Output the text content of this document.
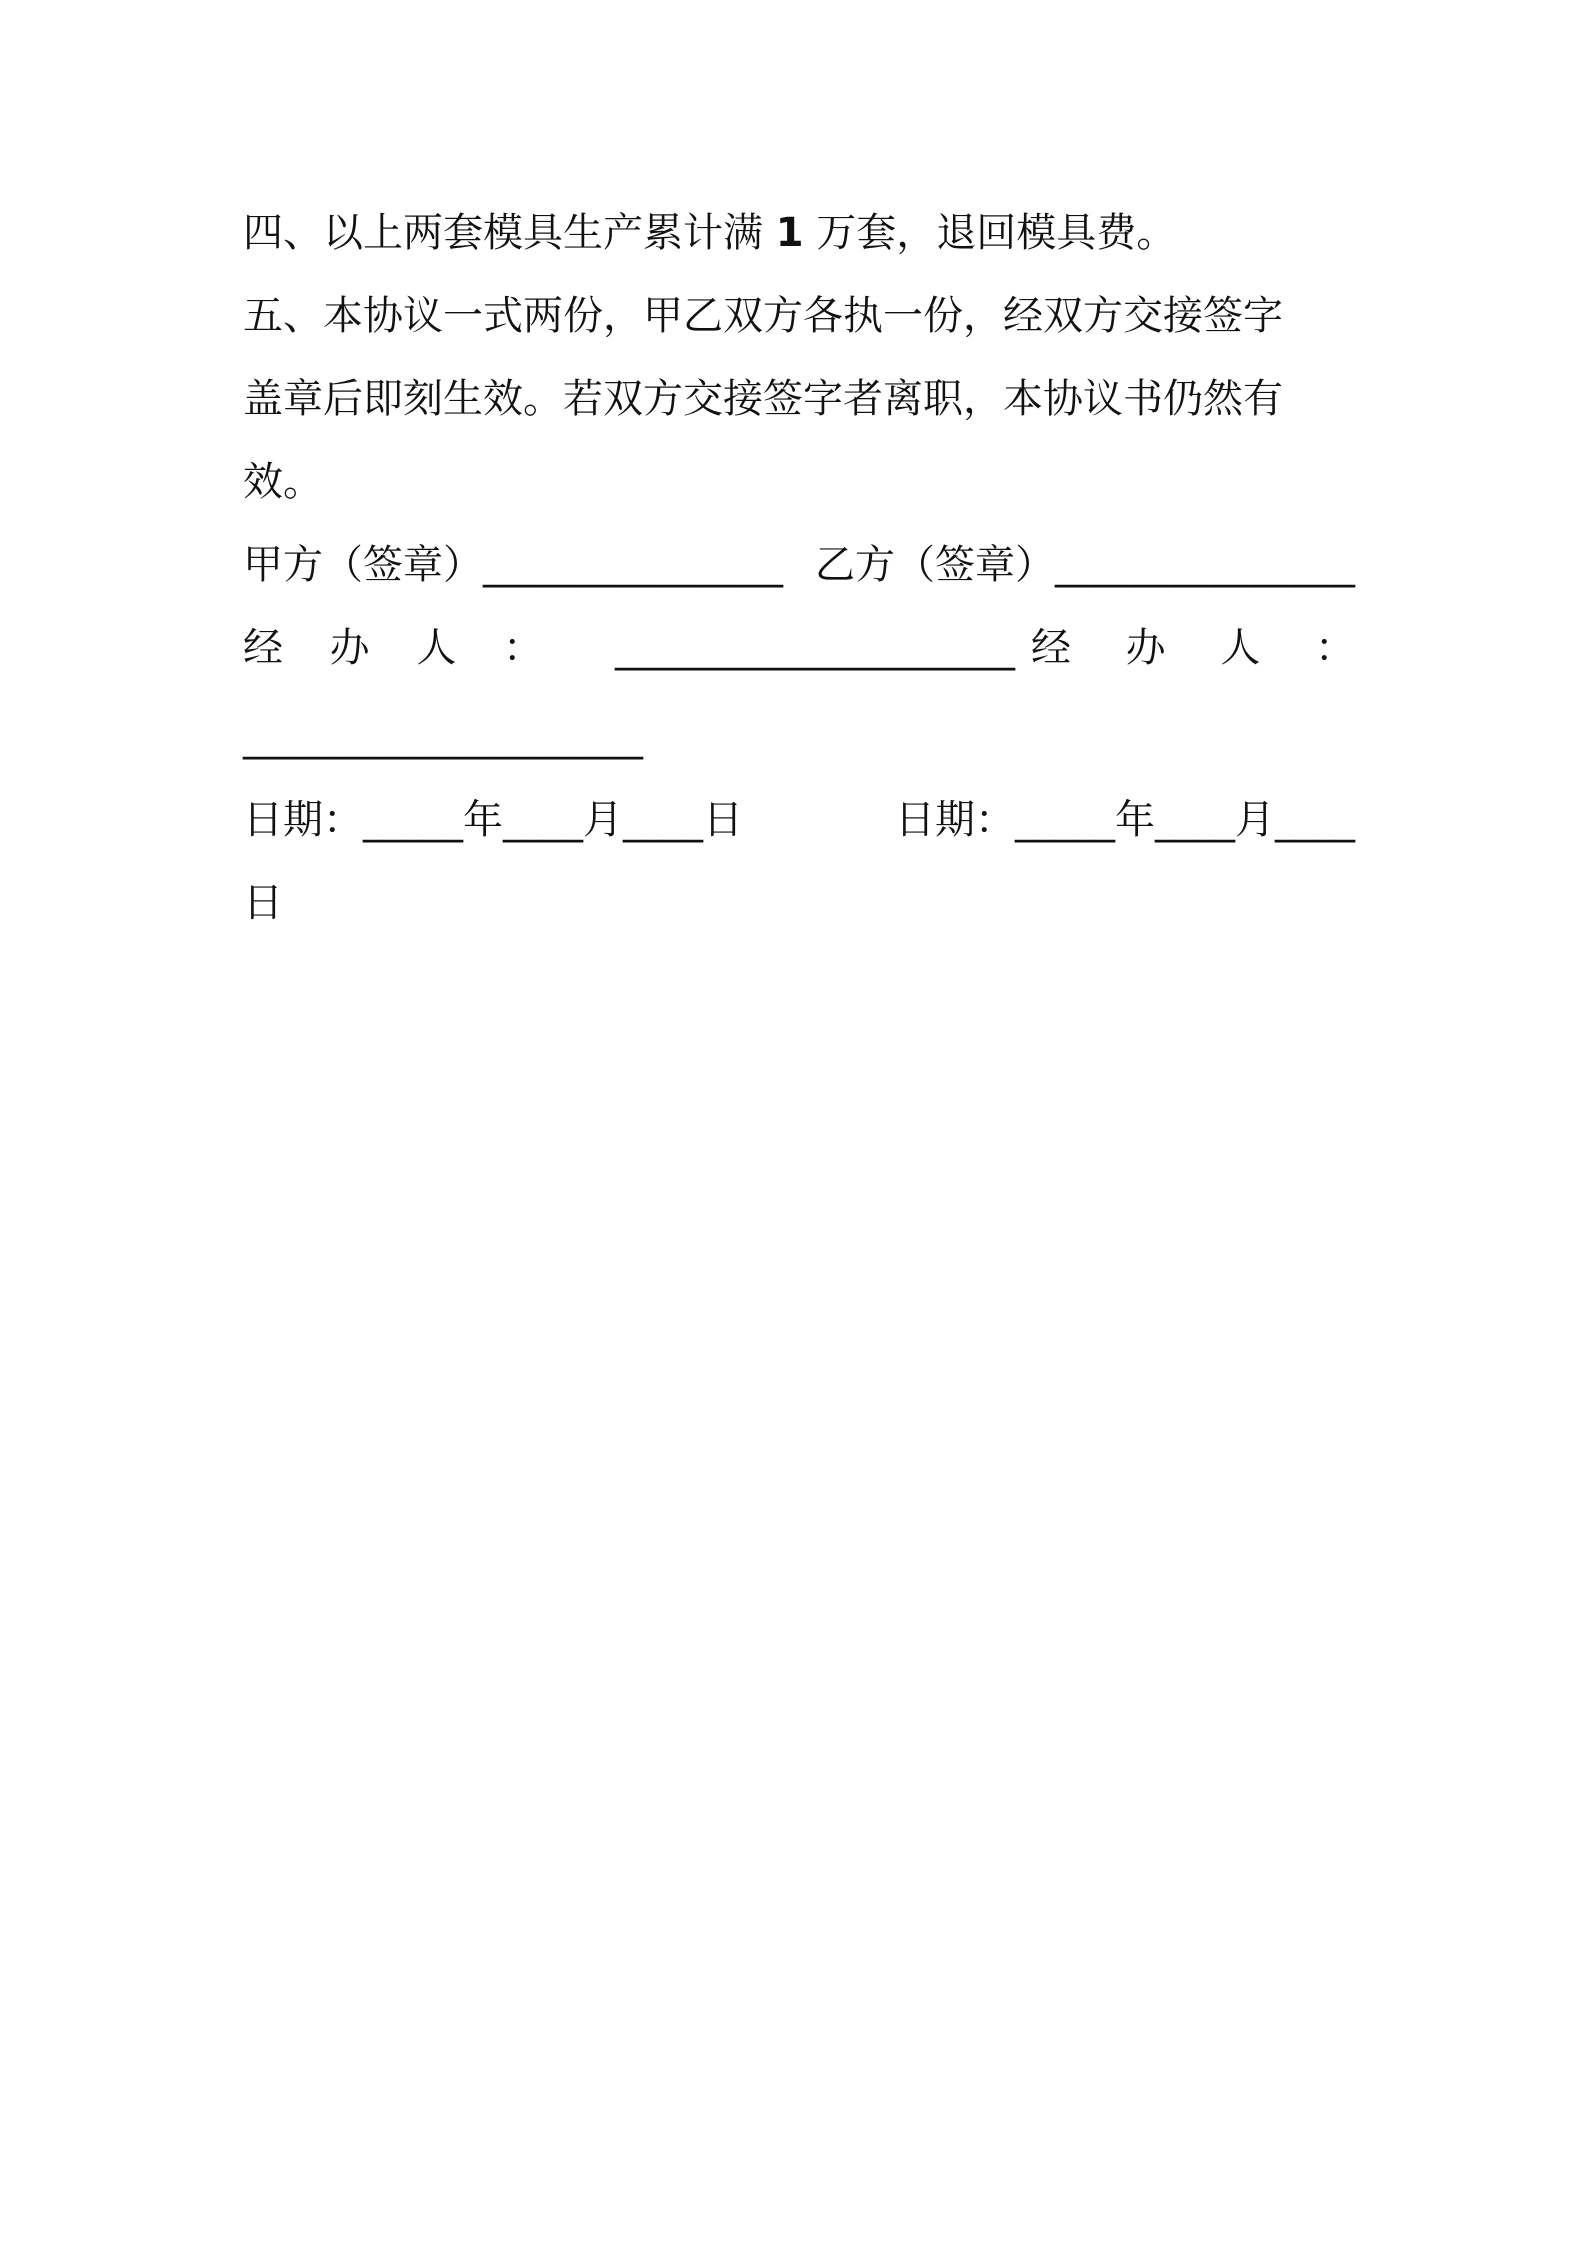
四、以上两套模具生产累计满 1 万套，退回模具费。
五、本协议一式两份，甲乙双方各执一份，经双方交接签字
盖章后即刻生效。若双方交接签字者离职，本协议书仍然有
效。
甲方（签章）_______________ 乙方（签章）_______________
经 办 人 ： ____________________ 经 办 人 ：
____________________
日期：_____年____月____日	日期：_____年____月____
日
